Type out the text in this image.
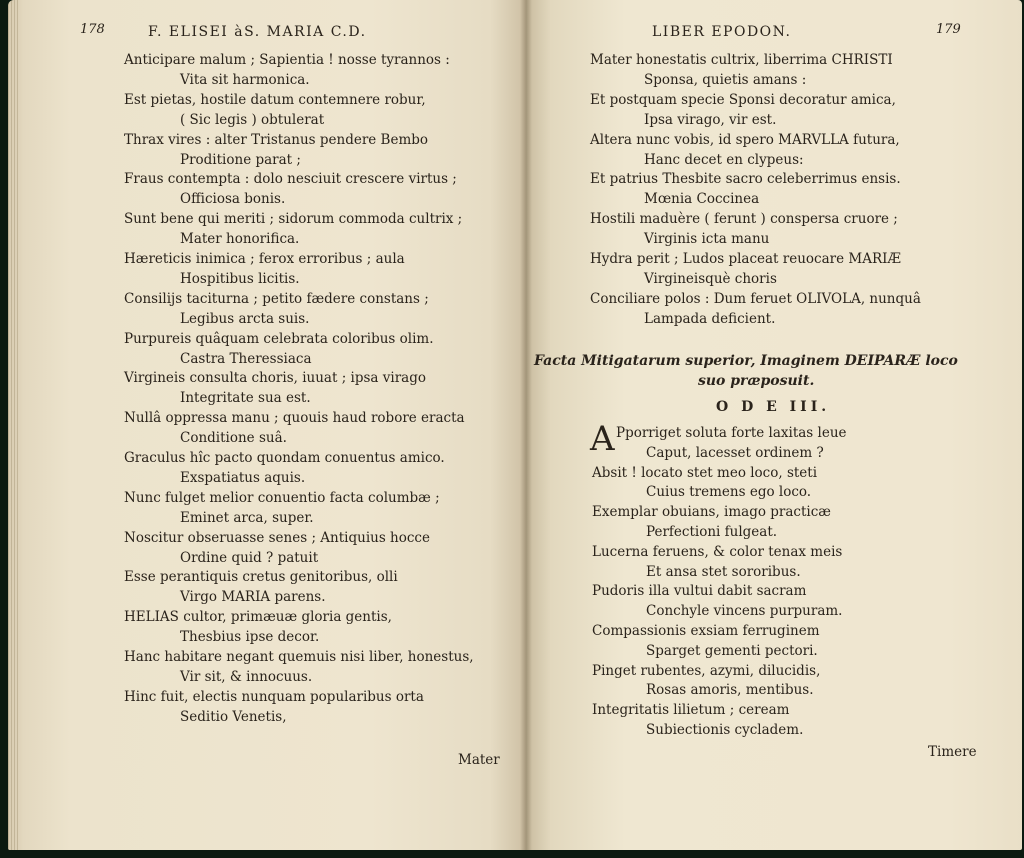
178	F. ELISEI àS. MARIA C.D.
Anticipare malum ; Sapientia ! nosse tyrannos :
Vita sit harmonica.
Est pietas, hostile datum contemnere robur,
( Sic legis ) obtulerat
Thrax vires : alter Tristanus pendere Bembo
Proditione parat ;
Fraus contempta : dolo nesciuit crescere virtus ;
Officiosa bonis.
Sunt bene qui meriti ; sidorum commoda cultrix ;
Mater honorifica.
Hæreticis inimica ; ferox erroribus ; aula
Hospitibus licitis.
Consilijs taciturna ; petito fædere constans ;
Legibus arcta suis.
Purpureis quâquam celebrata coloribus olim.
Castra Theressiaca
Virgineis consulta choris, iuuat ; ipsa virago
Integritate sua est.
Nullâ oppressa manu ; quouis haud robore eracta
Conditione suâ.
Graculus hîc pacto quondam conuentus amico.
Exspatiatus aquis.
Nunc fulget melior conuentio facta columbæ ;
Eminet arca, super.
Noscitur obseruasse senes ; Antiquius hocce
Ordine quid ? patuit
Esse perantiquis cretus genitoribus, olli
Virgo MARIA parens.
HELIAS cultor, primæuæ gloria gentis,
Thesbius ipse decor.
Hanc habitare negant quemuis nisi liber, honestus,
Vir sit, & innocuus.
Hinc fuit, electis nunquam popularibus orta
Seditio Venetis,
Mater
LIBER EPODON.	179
Mater honestatis cultrix, liberrima CHRISTI
Sponsa, quietis amans :
Et postquam specie Sponsi decoratur amica,
Ipsa virago, vir est.
Altera nunc vobis, id spero MARVLLA futura,
Hanc decet en clypeus:
Et patrius Thesbite sacro celeberrimus ensis.
Mœnia Coccinea
Hostili maduère ( ferunt ) conspersa cruore ;
Virginis icta manu
Hydra perit ; Ludos placeat reuocare MARIÆ
Virgineisquè choris
Conciliare polos : Dum feruet OLIVOLA, nunquâ
Lampada deficient.
Facta Mitigatarum superior, Imaginem DEIPARÆ loco
suo præposuit.
O D E III.
A Pporriget soluta forte laxitas leue
Caput, lacesset ordinem ?
Absit ! locato stet meo loco, steti
Cuius tremens ego loco.
Exemplar obuians, imago practicæ
Perfectioni fulgeat.
Lucerna feruens, & color tenax meis
Et ansa stet sororibus.
Pudoris illa vultui dabit sacram
Conchyle vincens purpuram.
Compassionis exsiam ferruginem
Sparget gementi pectori.
Pinget rubentes, azymi, dilucidis,
Rosas amoris, mentibus.
Integritatis lilietum ; ceream
Subiectionis cycladem.
Timere
